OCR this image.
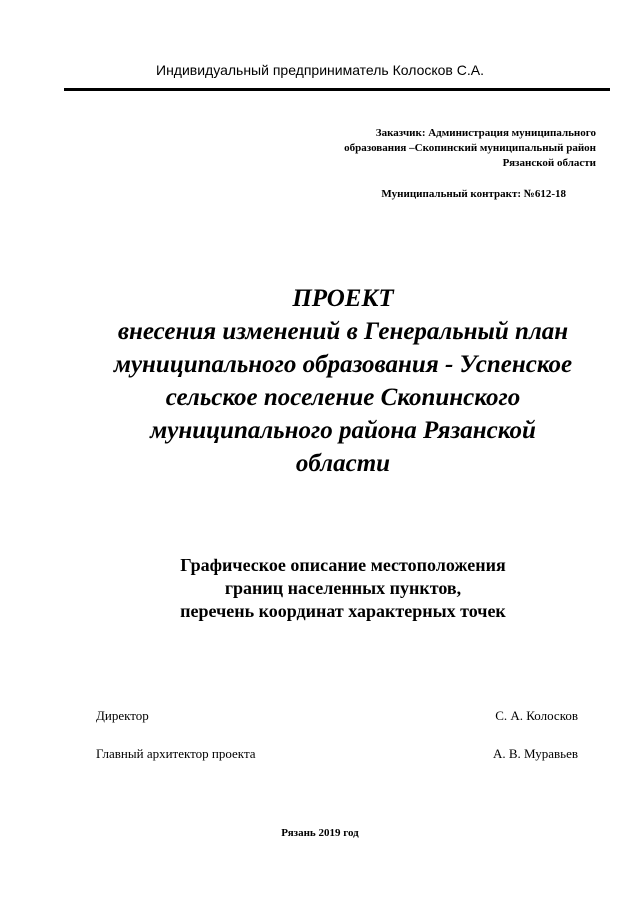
Индивидуальный предприниматель Колосков С.А.
Заказчик: Администрация муниципального
образования –Скопинский муниципальный район
Рязанской области
Муниципальный контракт: №612-18
ПРОЕКТ
внесения изменений в Генеральный план
муниципального образования - Успенское
сельское поселение Скопинского
муниципального района Рязанской
области
Графическое описание местоположения
границ населенных пунктов,
перечень координат характерных точек
Директор	С. А. Колосков
Главный архитектор проекта	А. В. Муравьев
Рязань 2019 год
